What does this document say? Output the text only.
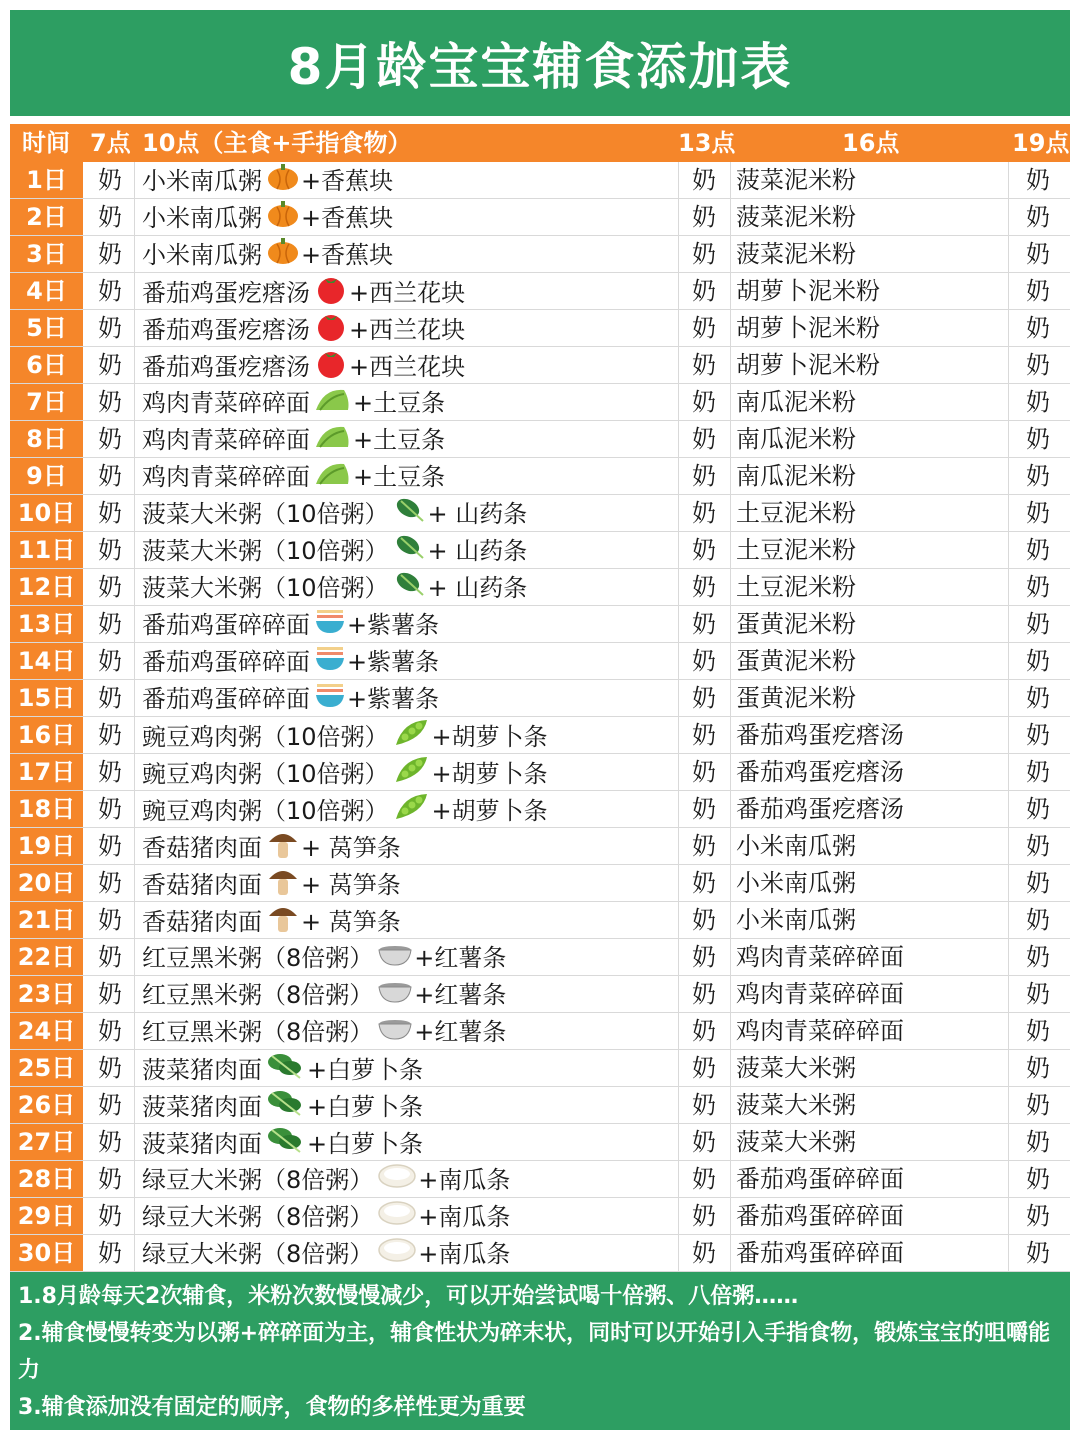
8月龄宝宝辅食添加表
时间 7点 10点（主食+手指食物）	13点	16点	19点
1日	奶 小米南瓜粥 +香蕉块	奶 菠菜泥米粉	奶
2日	奶 小米南瓜粥 +香蕉块	奶 菠菜泥米粉	奶
3日	奶 小米南瓜粥 +香蕉块	奶 菠菜泥米粉	奶
4日	奶 番茄鸡蛋疙瘩汤 +西兰花块	奶 胡萝卜泥米粉	奶
5日	奶 番茄鸡蛋疙瘩汤 +西兰花块	奶 胡萝卜泥米粉	奶
6日	奶 番茄鸡蛋疙瘩汤 +西兰花块	奶 胡萝卜泥米粉	奶
7日	奶 鸡肉青菜碎碎面 +土豆条	奶 南瓜泥米粉	奶
8日	奶 鸡肉青菜碎碎面 +土豆条	奶 南瓜泥米粉	奶
9日	奶 鸡肉青菜碎碎面 +土豆条	奶 南瓜泥米粉	奶
10日 奶 菠菜大米粥（10倍粥） + 山药条	奶 土豆泥米粉	奶
11日 奶 菠菜大米粥（10倍粥） + 山药条	奶 土豆泥米粉	奶
12日 奶 菠菜大米粥（10倍粥） + 山药条	奶 土豆泥米粉	奶
13日 奶 番茄鸡蛋碎碎面 +紫薯条	奶 蛋黄泥米粉	奶
14日 奶 番茄鸡蛋碎碎面 +紫薯条	奶 蛋黄泥米粉	奶
15日 奶 番茄鸡蛋碎碎面 +紫薯条	奶 蛋黄泥米粉	奶
16日 奶 豌豆鸡肉粥（10倍粥） +胡萝卜条	奶 番茄鸡蛋疙瘩汤	奶
17日 奶 豌豆鸡肉粥（10倍粥） +胡萝卜条	奶 番茄鸡蛋疙瘩汤	奶
18日 奶 豌豆鸡肉粥（10倍粥） +胡萝卜条	奶 番茄鸡蛋疙瘩汤	奶
19日 奶 香菇猪肉面 + 莴笋条	奶 小米南瓜粥	奶
20日 奶 香菇猪肉面 + 莴笋条	奶 小米南瓜粥	奶
21日 奶 香菇猪肉面 + 莴笋条	奶 小米南瓜粥	奶
22日 奶 红豆黑米粥（8倍粥） +红薯条	奶 鸡肉青菜碎碎面	奶
23日 奶 红豆黑米粥（8倍粥） +红薯条	奶 鸡肉青菜碎碎面	奶
24日 奶 红豆黑米粥（8倍粥） +红薯条	奶 鸡肉青菜碎碎面	奶
25日 奶 菠菜猪肉面 +白萝卜条	奶 菠菜大米粥	奶
26日 奶 菠菜猪肉面 +白萝卜条	奶 菠菜大米粥	奶
27日 奶 菠菜猪肉面 +白萝卜条	奶 菠菜大米粥	奶
28日 奶 绿豆大米粥（8倍粥） +南瓜条	奶 番茄鸡蛋碎碎面	奶
29日 奶 绿豆大米粥（8倍粥） +南瓜条	奶 番茄鸡蛋碎碎面	奶
30日 奶 绿豆大米粥（8倍粥） +南瓜条	奶 番茄鸡蛋碎碎面	奶
1.8月龄每天2次辅食，米粉次数慢慢减少，可以开始尝试喝十倍粥、八倍粥……
2.辅食慢慢转变为以粥+碎碎面为主，辅食性状为碎末状，同时可以开始引入手指食物，锻炼宝宝的咀嚼能力
3.辅食添加没有固定的顺序，食物的多样性更为重要
